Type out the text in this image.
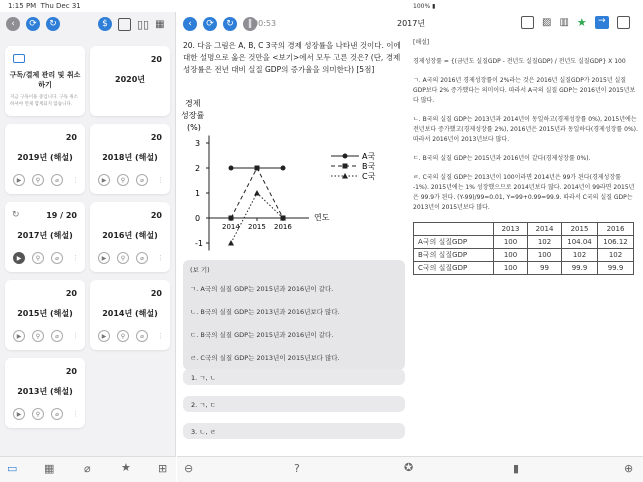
1:15 PM Thu Dec 31	100% ▮
‹	⟳	↻	$	▯▯ ▦
구독/결제 관리 및 취소하기
지금 구독이용 중입니다. 구독 취소 하셔야 면제 합계되지 않습니다.
20
2020년
20
2019년 (해설)
▶	⚲	⌀	⋮
20
2018년 (해설)
▶	⚲	⌀	⋮
↻	19 / 20
2017년 (해설)
▶	⚲	⌀	⋮
20
2016년 (해설)
▶	⚲	⌀	⋮
20
2015년 (해설)
▶	⚲	⌀	⋮
20
2014년 (해설)
▶	⚲	⌀	⋮
20
2013년 (해설)
▶	⚲	⌀	⋮
▭ ▦	⌀	★ ⊞
‹	⟳	↻	‖ 00:53	2017년	▨ ▥ ★	→
20. 다음 그림은 A, B, C 3국의 경제 성장률을 나타낸 것이다. 이에 대한 설명으로 옳은 것만을 <보기>에서 모두 고른 것은? (단, 경제 성장률은 전년 대비 실질 GDP의 증가율을 의미한다) [5점]
경제
성장률
(%)
연도
3
2
1
0
-1
2014 2015 2016
A국
B국
C국
(보 기)
ㄱ. A국의 실질 GDP는 2015년과 2016년이 같다.
ㄴ. B국의 실질 GDP는 2013년과 2016년보다 많다.
ㄷ. B국의 실질 GDP는 2015년과 2016년이 같다.
ㄹ. C국의 실질 GDP는 2013년이 2015년보다 많다.
1. ㄱ, ㄴ
2. ㄱ, ㄷ
3. ㄴ, ㄹ
⊖	?	✪	▮	⊕

[해설]

경제성장률 = {(금년도 실질GDP - 전년도 실질GDP) / 전년도 실질GDP} X 100

ㄱ. A국의 2016년 경제성장률이 2%라는 것은 2016년 실질GDP가 2015년 실질GDP보다 2% 증가했다는 의미이다. 따라서 A국의 실질 GDP는 2016년이 2015년보다 많다.

ㄴ. B국의 실질 GDP는 2013년과 2014년이 동일하고(경제성장률 0%), 2015년에는 전년보다 증가했고(경제성장률 2%), 2016년은 2015년과 동일하다(경제성장률 0%). 따라서 2016년이 2013년보다 많다.

ㄷ. B국의 실질 GDP는 2015년과 2016년이 같다(경제성장률 0%).

ㄹ. C국의 실질 GDP는 2013년이 100이라면 2014년은 99가 된다(경제성장률 -1%). 2015년에는 1% 성장했으므로 2014년보다 많다. 2014년이 99라면 2015년은 99.9가 된다. (Y-99)/99=0.01, Y=99+0.99=99.9. 따라서 C국의 실질 GDP는 2013년이 2015년보다 많다.

	2013	2014	2015	2016
A국의 실질GDP	100	102	104.04	106.12
B국의 실질GDP	100	100	102	102
C국의 실질GDP	100	99	99.9	99.9
